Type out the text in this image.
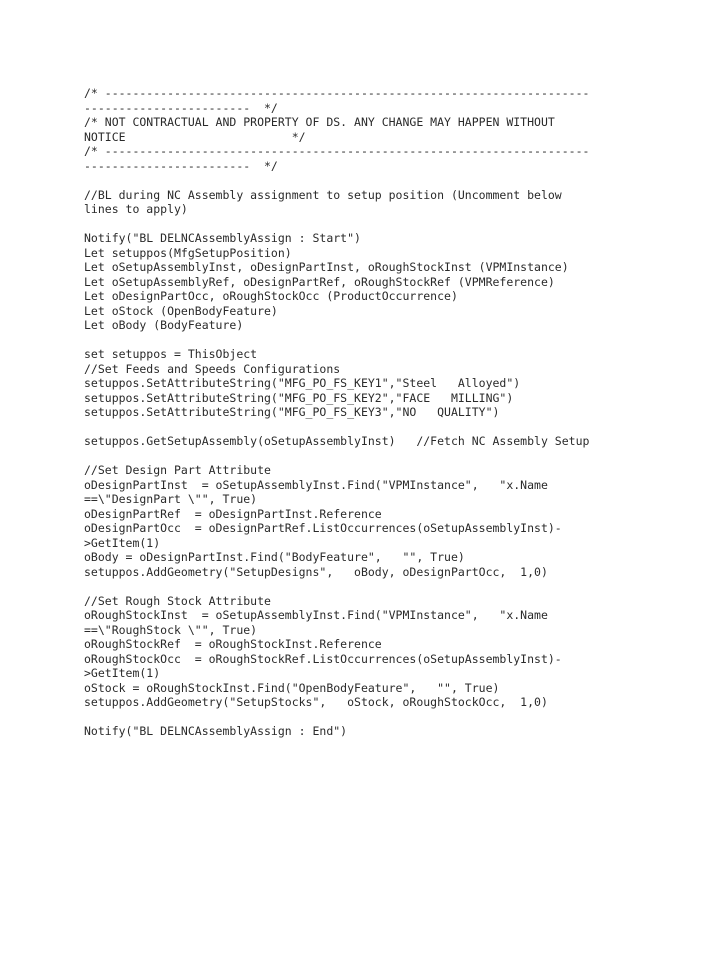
/* ----------------------------------------------------------------------
------------------------  */
/* NOT CONTRACTUAL AND PROPERTY OF DS. ANY CHANGE MAY HAPPEN WITHOUT
NOTICE                        */
/* ----------------------------------------------------------------------
------------------------  */
//BL during NC Assembly assignment to setup position (Uncomment below
lines to apply)
Notify("BL DELNCAssemblyAssign : Start")
Let setuppos(MfgSetupPosition)
Let oSetupAssemblyInst, oDesignPartInst, oRoughStockInst (VPMInstance)
Let oSetupAssemblyRef, oDesignPartRef, oRoughStockRef (VPMReference)
Let oDesignPartOcc, oRoughStockOcc (ProductOccurrence)
Let oStock (OpenBodyFeature)
Let oBody (BodyFeature)
set setuppos = ThisObject
//Set Feeds and Speeds Configurations
setuppos.SetAttributeString("MFG_PO_FS_KEY1","Steel   Alloyed")
setuppos.SetAttributeString("MFG_PO_FS_KEY2","FACE   MILLING")
setuppos.SetAttributeString("MFG_PO_FS_KEY3","NO   QUALITY")
setuppos.GetSetupAssembly(oSetupAssemblyInst)   //Fetch NC Assembly Setup
//Set Design Part Attribute
oDesignPartInst  = oSetupAssemblyInst.Find("VPMInstance",   "x.Name
==\"DesignPart \"", True)
oDesignPartRef  = oDesignPartInst.Reference
oDesignPartOcc  = oDesignPartRef.ListOccurrences(oSetupAssemblyInst)-
>GetItem(1)
oBody = oDesignPartInst.Find("BodyFeature",   "", True)
setuppos.AddGeometry("SetupDesigns",   oBody, oDesignPartOcc,  1,0)
//Set Rough Stock Attribute
oRoughStockInst  = oSetupAssemblyInst.Find("VPMInstance",   "x.Name
==\"RoughStock \"", True)
oRoughStockRef  = oRoughStockInst.Reference
oRoughStockOcc  = oRoughStockRef.ListOccurrences(oSetupAssemblyInst)-
>GetItem(1)
oStock = oRoughStockInst.Find("OpenBodyFeature",   "", True)
setuppos.AddGeometry("SetupStocks",   oStock, oRoughStockOcc,  1,0)
Notify("BL DELNCAssemblyAssign : End")
